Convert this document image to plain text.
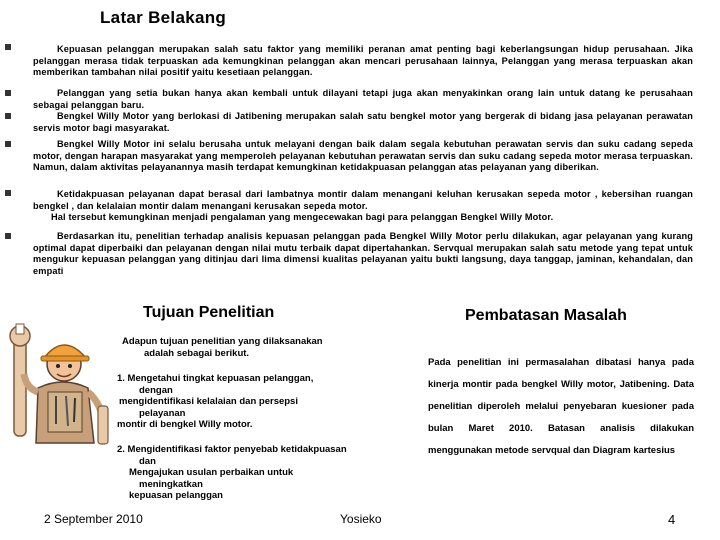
Latar Belakang
Kepuasan pelanggan merupakan salah satu faktor yang memiliki peranan amat penting bagi keberlangsungan hidup perusahaan. Jika pelanggan merasa tidak terpuaskan ada kemungkinan pelanggan akan mencari perusahaan lainnya, Pelanggan yang merasa terpuaskan akan memberikan tambahan nilai positif yaitu kesetiaan pelanggan.
Pelanggan yang setia bukan hanya akan kembali untuk dilayani tetapi juga akan menyakinkan orang lain untuk datang ke perusahaan sebagai pelanggan baru.
Bengkel Willy Motor yang berlokasi di Jatibening merupakan salah satu bengkel motor yang bergerak di bidang jasa pelayanan perawatan servis motor bagi masyarakat.
Bengkel Willy Motor ini selalu berusaha untuk melayani dengan baik dalam segala kebutuhan perawatan servis dan suku cadang sepeda motor, dengan harapan masyarakat yang memperoleh pelayanan kebutuhan perawatan servis dan suku cadang sepeda motor merasa terpuaskan. Namun, dalam aktivitas pelayanannya masih terdapat kemungkinan ketidakpuasan pelanggan atas pelayanan yang diberikan.
Ketidakpuasan pelayanan dapat berasal dari lambatnya montir dalam menangani keluhan kerusakan sepeda motor , kebersihan ruangan bengkel , dan kelalaian montir dalam menangani kerusakan sepeda motor.
Hal tersebut kemungkinan menjadi pengalaman yang mengecewakan bagi para pelanggan Bengkel Willy Motor.
Berdasarkan itu, penelitian terhadap analisis kepuasan pelanggan pada Bengkel Willy Motor perlu dilakukan, agar pelayanan yang kurang optimal dapat diperbaiki dan pelayanan dengan nilai mutu terbaik dapat dipertahankan. Servqual merupakan salah satu metode yang tepat untuk mengukur kepuasan pelanggan yang ditinjau dari lima dimensi kualitas pelayanan yaitu bukti langsung, daya tanggap, jaminan, kehandalan, dan empati
Tujuan Penelitian
Adapun tujuan penelitian yang dilaksanakan
adalah sebagai berikut.
1. Mengetahui tingkat kepuasan pelanggan,
dengan
mengidentifikasi kelalaian dan persepsi
pelayanan
montir di bengkel Willy motor.
2. Mengidentifikasi faktor penyebab ketidakpuasan
dan
Mengajukan usulan perbaikan untuk
meningkatkan
kepuasan pelanggan
Pembatasan Masalah
Pada penelitian ini permasalahan dibatasi hanya pada kinerja montir pada bengkel Willy motor, Jatibening. Data penelitian diperoleh melalui penyebaran kuesioner pada bulan Maret 2010. Batasan analisis dilakukan menggunakan metode servqual dan Diagram kartesius
2 September 2010	Yosieko	4
